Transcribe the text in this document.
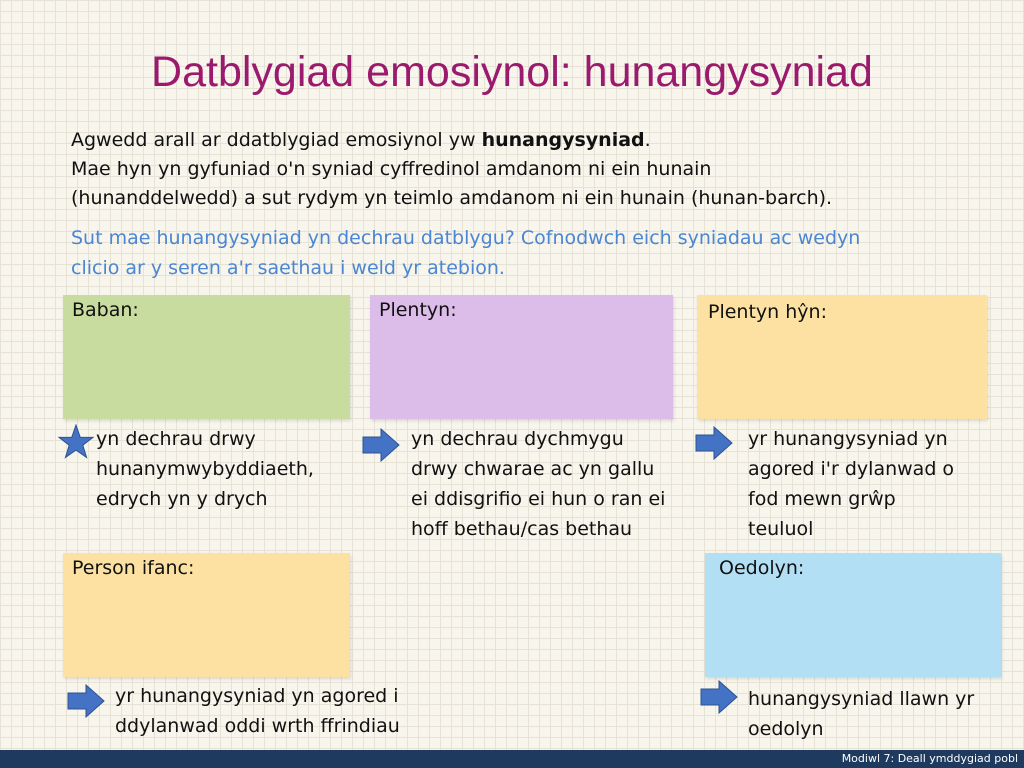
Datblygiad emosiynol: hunangysyniad
Agwedd arall ar ddatblygiad emosiynol yw hunangysyniad.
Mae hyn yn gyfuniad o'n syniad cyffredinol amdanom ni ein hunain
(hunanddelwedd) a sut rydym yn teimlo amdanom ni ein hunain (hunan-barch).
Sut mae hunangysyniad yn dechrau datblygu? Cofnodwch eich syniadau ac wedyn
clicio ar y seren a'r saethau i weld yr atebion.
Baban:	Plentyn:	Plentyn hŷn:
Person ifanc:	Oedolyn:
yn dechrau drwy
hunanymwybyddiaeth,
edrych yn y drych
yn dechrau dychmygu
drwy chwarae ac yn gallu
ei ddisgrifio ei hun o ran ei
hoff bethau/cas bethau
yr hunangysyniad yn
agored i'r dylanwad o
fod mewn grŵp
teuluol
yr hunangysyniad yn agored i
ddylanwad oddi wrth ffrindiau
hunangysyniad llawn yr
oedolyn
Modiwl 7: Deall ymddygiad pobl
